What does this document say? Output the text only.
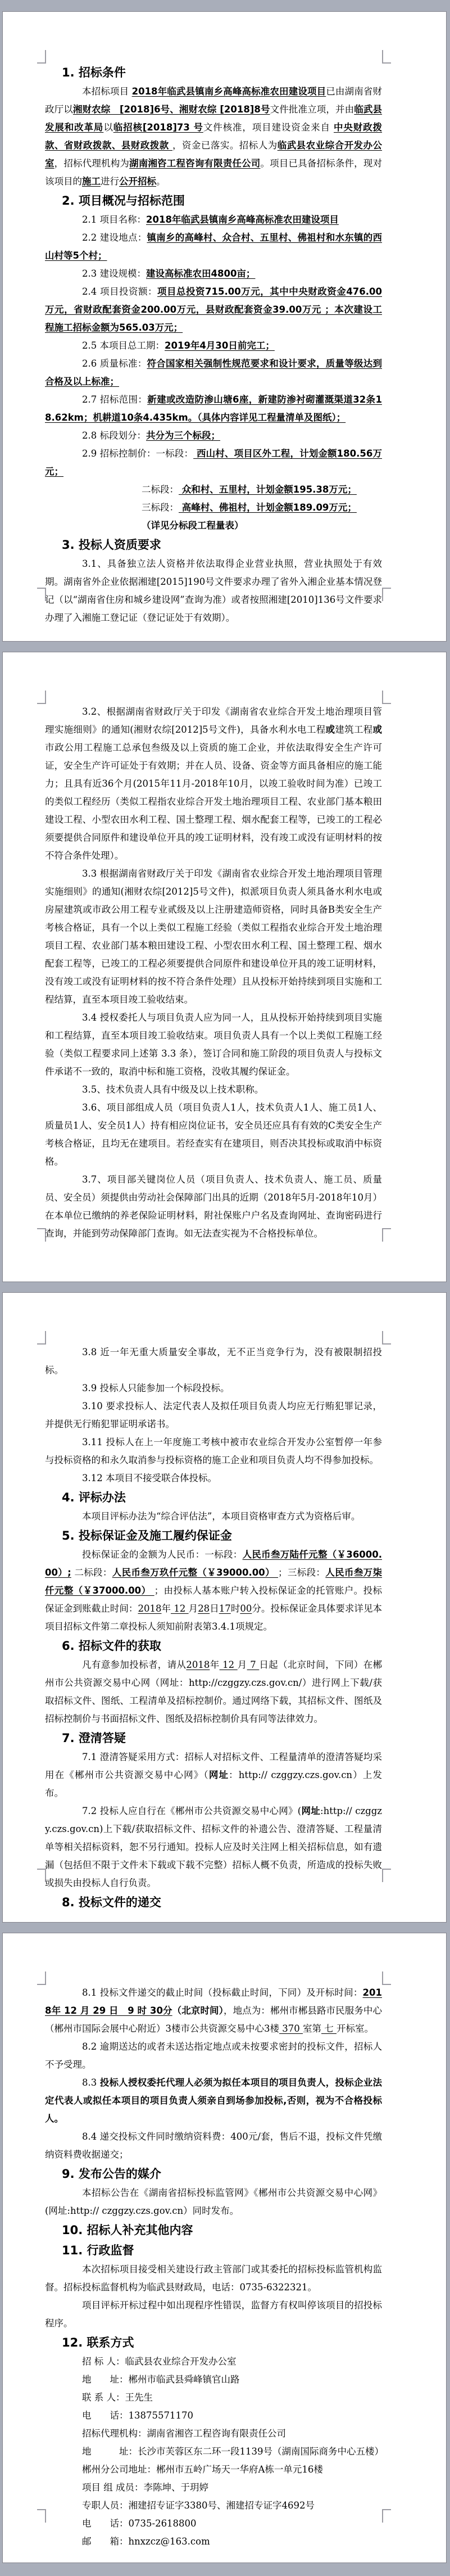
1. 招标条件

本招标项目 2018年临武县镇南乡高峰高标准农田建设项目已由湖南省财政厅以湘财农综　[2018]6号、湘财农综 [2018]8号文件批准立项，并由临武县发展和改革局以临招核[2018]73 号文件核准，项目建设资金来自 中央财政拨款、省财政拨款、县财政拨款 ，资金已落实。招标人为临武县农业综合开发办公室，招标代理机构为湖南湘咨工程咨询有限责任公司。项目已具备招标条件，现对该项目的施工进行公开招标。

2. 项目概况与招标范围

2.1 项目名称：2018年临武县镇南乡高峰高标准农田建设项目

2.2 建设地点：镇南乡的高峰村、众合村、五里村、佛祖村和水东镇的西山村等5个村；

2.3 建设规模：建设高标准农田4800亩；

2.4 项目投资额：项目总投资715.00万元，其中中央财政资金476.00万元，省财政配套资金200.00万元，县财政配套资金39.00万元 ；本次建设工程施工招标金额为565.03万元；

2.5 本项目总工期：2019年4月30日前完工；

2.6 质量标准：符合国家相关强制性规范要求和设计要求，质量等级达到合格及以上标准；

2.7 招标范围：新建或改造防渗山塘6座，新建防渗衬砌灌溉渠道32条18.62km；机耕道10条4.435km。（具体内容详见工程量清单及图纸）；

2.8 标段划分：共分为三个标段；

2.9 招标控制价：一标段： 西山村、项目区外工程，计划金额180.56万元；

二标段： 众和村、五里村，计划金额195.38万元；

三标段： 高峰村、佛祖村，计划金额189.09万元；

（详见分标段工程量表）

3. 投标人资质要求

3.1、具备独立法人资格并依法取得企业营业执照，营业执照处于有效期。湖南省外企业依据湘建[2015]190号文件要求办理了省外入湘企业基本情况登记（以“湖南省住房和城乡建设网”查询为准）或者按照湘建[2010]136号文件要求办理了入湘施工登记证（登记证处于有效期）。

3.2、根据湖南省财政厅关于印发《湖南省农业综合开发土地治理项目管理实施细则》的通知(湘财农综[2012]5号文件)，具备水利水电工程或建筑工程或市政公用工程施工总承包叁级及以上资质的施工企业，并依法取得安全生产许可证，安全生产许可证处于有效期；并在人员、设备、资金等方面具备相应的施工能力；且具有近36个月(2015年11月-2018年10月，以竣工验收时间为准）已竣工的类似工程经历（类似工程指农业综合开发土地治理项目工程、农业部门基本粮田建设工程、小型农田水利工程、国土整理工程、烟水配套工程等，已竣工的工程必须要提供合同原件和建设单位开具的竣工证明材料，没有竣工或没有证明材料的按不符合条件处理）。

3.3 根据湖南省财政厅关于印发《湖南省农业综合开发土地治理项目管理实施细则》的通知(湘财农综[2012]5号文件)，拟派项目负责人须具备水利水电或房屋建筑或市政公用工程专业贰级及以上注册建造师资格，同时具备B类安全生产考核合格证，具有一个以上类似工程施工经验（类似工程指农业综合开发土地治理项目工程、农业部门基本粮田建设工程、小型农田水利工程、国土整理工程、烟水配套工程等，已竣工的工程必须要提供合同原件和建设单位开具的竣工证明材料，没有竣工或没有证明材料的按不符合条件处理）且从投标开始持续到项目实施和工程结算，直至本项目竣工验收结束。

3.4 授权委托人与项目负责人应为同一人，且从投标开始持续到项目实施和工程结算，直至本项目竣工验收结束。项目负责人具有一个以上类似工程施工经验（类似工程要求同上述第 3.3 条），签订合同和施工阶段的项目负责人与投标文件承诺不一致的，取消中标和施工资格，没收其履约保证金。

3.5、技术负责人具有中级及以上技术职称。

3.6、项目部组成人员（项目负责人1人，技术负责人1人、施工员1人、质量员1人、安全员1人）持有相应岗位证书，安全员还应具有有效的C类安全生产考核合格证，且均无在建项目。若经查实有在建项目，则否决其投标或取消中标资格。

3.7、项目部关键岗位人员（项目负责人、技术负责人、施工员、质量员、安全员）须提供由劳动社会保障部门出具的近期（2018年5月-2018年10月）在本单位已缴纳的养老保险证明材料，附社保账户户名及查询网址、查询密码进行查询，并能到劳动保障部门查询。如无法查实视为不合格投标单位。

3.8 近一年无重大质量安全事故，无不正当竞争行为，没有被限制招投标。

3.9 投标人只能参加一个标段投标。

3.10 要求投标人、法定代表人及拟任项目负责人均应无行贿犯罪记录，并提供无行贿犯罪证明承诺书。

3.11 投标人在上一年度施工考核中被市农业综合开发办公室暂停一年参与投标资格的和永久取消参与投标资格的施工企业和项目负责人均不得参加投标。

3.12 本项目不接受联合体投标。

4. 评标办法

本项目评标办法为“综合评估法”，本项目资格审查方式为资格后审。

5. 投标保证金及施工履约保证金

投标保证金的金额为人民币：一标段：人民币叁万陆仟元整（￥36000.00）; 二标段：人民币叁万玖仟元整（￥39000.00） ；三标段：人民币叁万柒仟元整（￥37000.00） ；由投标人基本账户转入投标保证金的托管账户。投标保证金到账截止时间：2018年 12 月28日17时00分。投标保证金具体要求详见本项目招标文件第二章投标人须知前附表第3.4.1项规定。

6. 招标文件的获取

凡有意参加投标者，请从2018年 12 月 7 日起（北京时间，下同）在郴州市公共资源交易中心网（网址：http://czggzy.czs.gov.cn/）进行网上下载/获取招标文件、图纸、工程清单及招标控制价。通过网络下载，其招标文件、图纸及招标控制价与书面招标文件、图纸及招标控制价具有同等法律效力。

7. 澄清答疑

7.1 澄清答疑采用方式：招标人对招标文件、工程量清单的澄清答疑均采用在《郴州市公共资源交易中心网》（网址：http:// czggzy.czs.gov.cn）上发布。

7.2 投标人应自行在《郴州市公共资源交易中心网》(网址:http:// czggzy.czs.gov.cn)上下载/获取招标文件、招标文件的补遗公告、澄清答疑、工程量清单等相关招标资料，恕不另行通知。投标人应及时关注网上相关招标信息，如有遗漏（包括但不限于文件未下载或下载不完整）招标人概不负责，所造成的投标失败或损失由投标人自行负责。

8. 投标文件的递交

8.1 投标文件递交的截止时间（投标截止时间，下同）及开标时间：2018年 12 月 29 日　9 时 30分（北京时间），地点为：郴州市郴县路市民服务中心（郴州市国际会展中心附近）3楼市公共资源交易中心3楼 370 室第 七 开标室。

8.2 逾期送达的或者未送达指定地点或未按要求密封的投标文件，招标人不予受理。

8.3 投标人授权委托代理人必须为拟任本项目的项目负责人，投标企业法定代表人或拟任本项目的项目负责人须亲自到场参加投标,否则，视为不合格投标人。

8.4 递交投标文件同时缴纳资料费：400元/套，售后不退，投标文件凭缴纳资料费收据递交；

9. 发布公告的媒介

本招标公告在《湖南省招标投标监管网》《郴州市公共资源交易中心网》(网址:http:// czggzy.czs.gov.cn）同时发布。

10. 招标人补充其他内容
11. 行政监督

本次招标项目接受相关建设行政主管部门或其委托的招标投标监管机构监督。招标投标监督机构为临武县财政局，电话：0735-6322321。

项目评标开标过程中如出现程序性错误，监督方有权叫停该项目的招投标程序。

12. 联系方式

招 标 人：临武县农业综合开发办公室

地　　址：郴州市临武县舜峰镇官山路

联 系 人：王先生

电　　话：13875571170

招标代理机构：湖南省湘咨工程咨询有限责任公司

地　　　址：长沙市芙蓉区东二环一段1139号（湖南国际商务中心五楼）

郴州分公司地址：郴州市五岭广场天一华府A栋一单元16楼

项目 组 成员：李陈坤、于玥婷

专职人员：湘建招专证字3380号、湘建招专证字4692号

电　　话：0735-2618800

邮　　箱：hnxzcz@163.com
